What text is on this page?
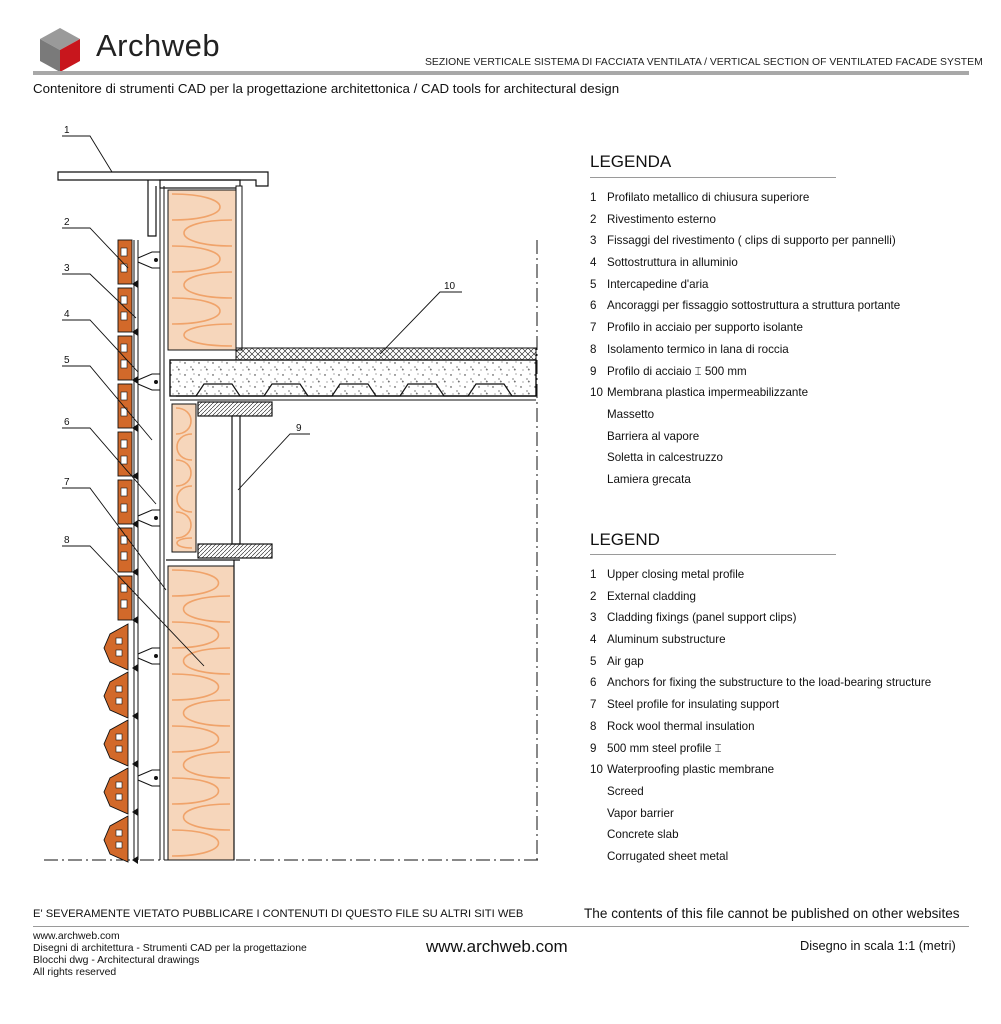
Archweb	SEZIONE VERTICALE SISTEMA DI FACCIATA VENTILATA / VERTICAL SECTION OF VENTILATED FACADE SYSTEM
Contenitore di strumenti CAD per la progettazione architettonica / CAD tools for architectural design
1
2
3
4
5
6
7
8
9
10
LEGENDA
1 Profilato metallico di chiusura superiore
2 Rivestimento esterno
3 Fissaggi del rivestimento ( clips di supporto per pannelli)
4 Sottostruttura in alluminio
5 Intercapedine d'aria
6 Ancoraggi per fissaggio sottostruttura a struttura portante
7 Profilo in acciaio per supporto isolante
8 Isolamento termico in lana di roccia
9 Profilo di acciaio ⌶ 500 mm
10 Membrana plastica impermeabilizzante
Massetto
Barriera al vapore
Soletta in calcestruzzo
Lamiera grecata
LEGEND
1 Upper closing metal profile
2 External cladding
3 Cladding fixings (panel support clips)
4 Aluminum substructure
5 Air gap
6 Anchors for fixing the substructure to the load-bearing structure
7 Steel profile for insulating support
8 Rock wool thermal insulation
9 500 mm steel profile ⌶
10 Waterproofing plastic membrane
Screed
Vapor barrier
Concrete slab
Corrugated sheet metal
E' SEVERAMENTE VIETATO PUBBLICARE I CONTENUTI DI QUESTO FILE SU ALTRI SITI WEB	The contents of this file cannot be published on other websites
www.archweb.com
Disegni di architettura - Strumenti CAD per la progettazione
Blocchi dwg - Architectural drawings
All rights reserved
www.archweb.com	Disegno in scala 1:1 (metri)
